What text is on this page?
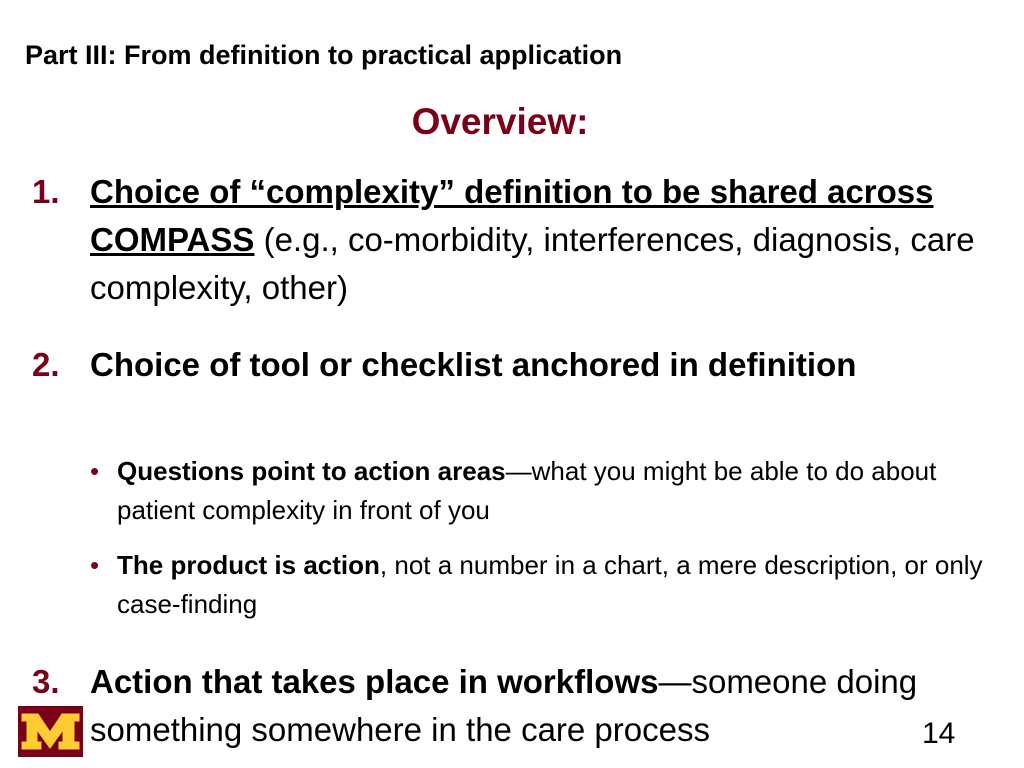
Part III: From definition to practical application
Overview:
1. Choice of “complexity” definition to be shared across COMPASS (e.g., co-morbidity, interferences, diagnosis, care complexity, other)
2. Choice of tool or checklist anchored in definition
• Questions point to action areas—what you might be able to do about patient complexity in front of you
• The product is action, not a number in a chart, a mere description, or only case-finding
3. Action that takes place in workflows—someone doing something somewhere in the care process	14
